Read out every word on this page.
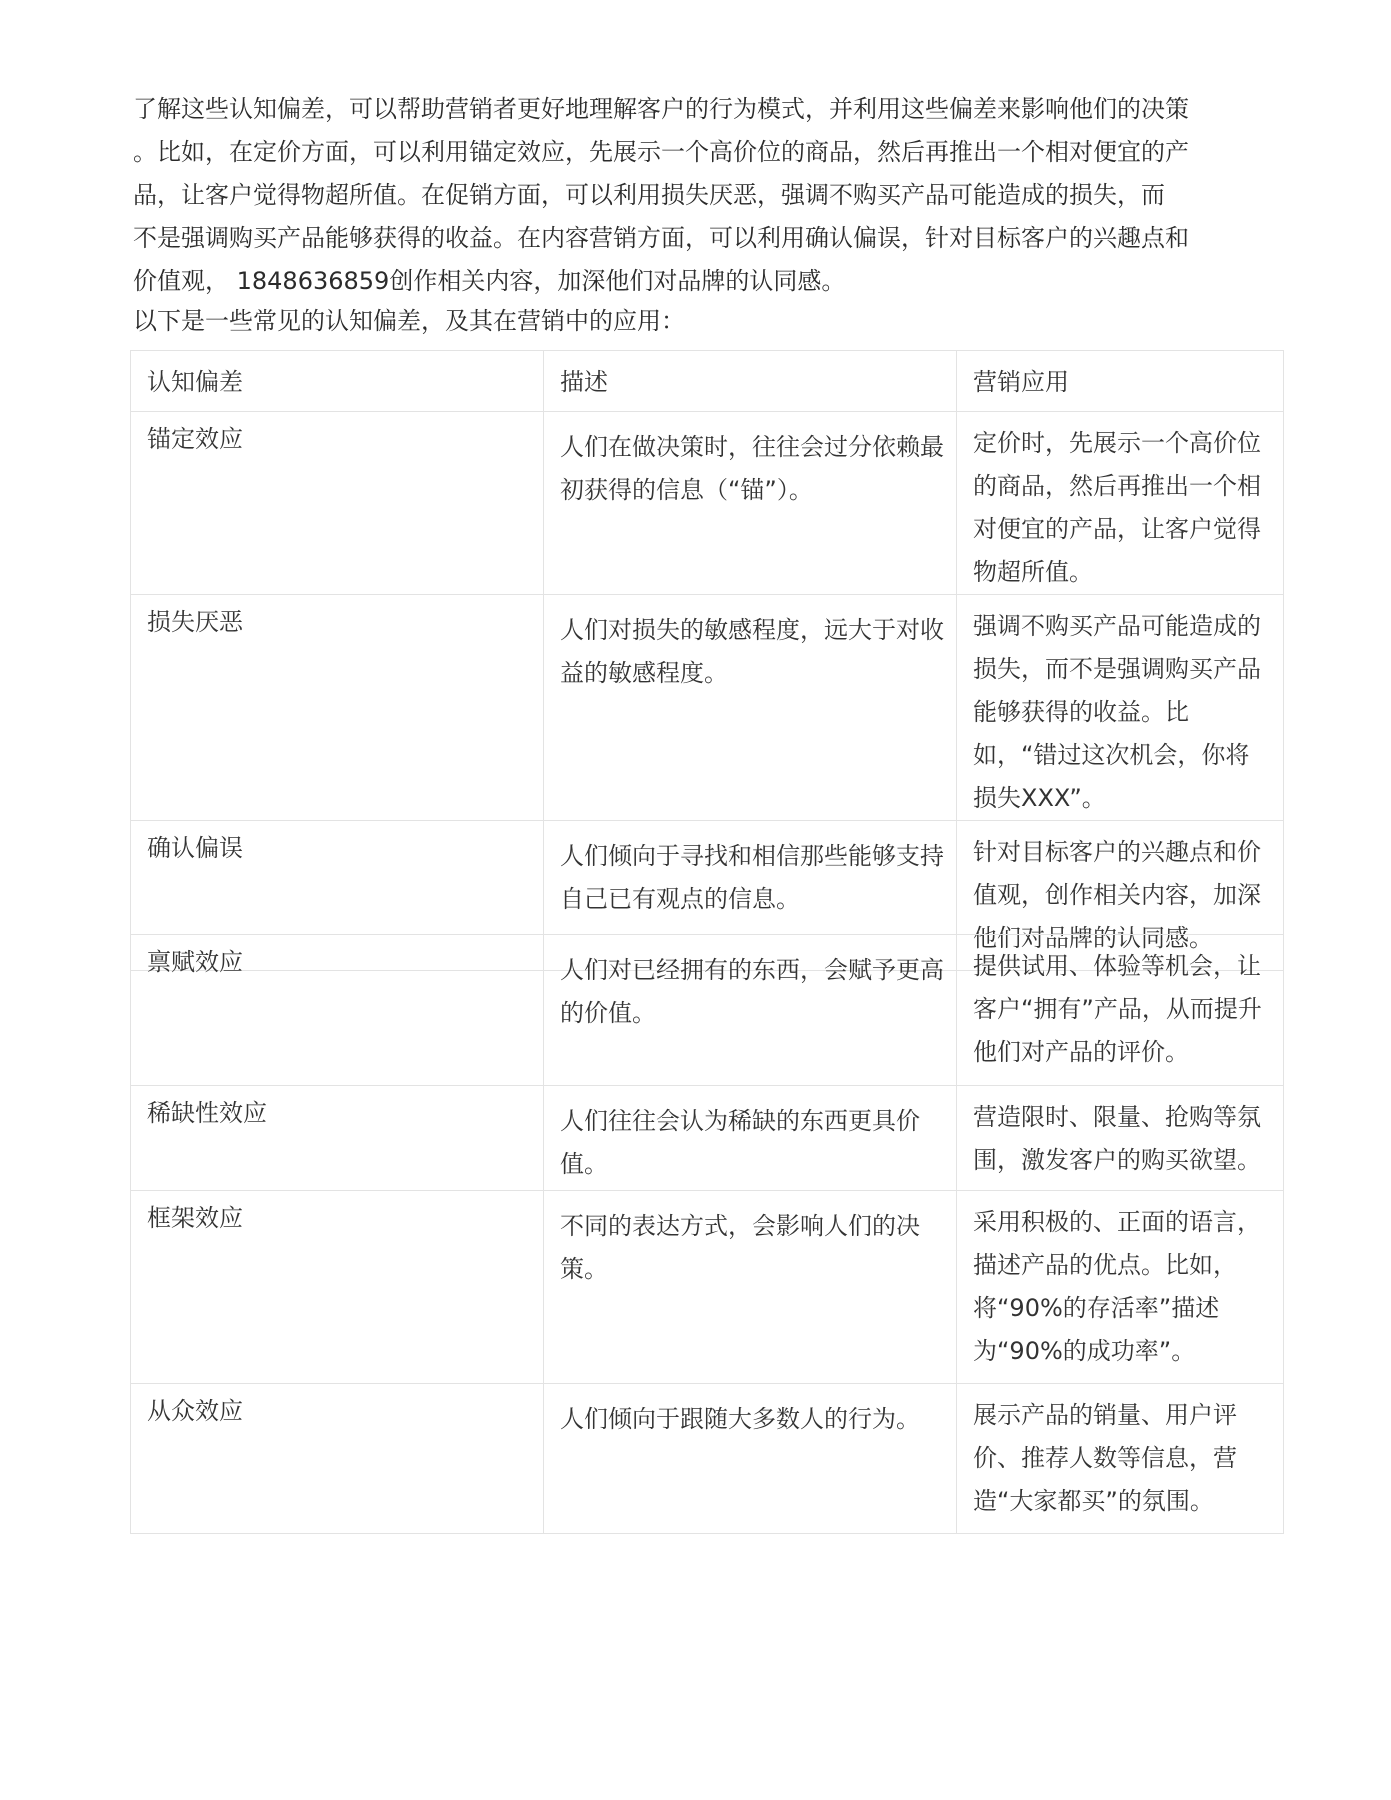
了解这些认知偏差，可以帮助营销者更好地理解客户的行为模式，并利用这些偏差来影响他们的决策

。比如，在定价方面，可以利用锚定效应，先展示一个高价位的商品，然后再推出一个相对便宜的产

品，让客户觉得物超所值。在促销方面，可以利用损失厌恶，强调不购买产品可能造成的损失，而

不是强调购买产品能够获得的收益。在内容营销方面，可以利用确认偏误，针对目标客户的兴趣点和

价值观， 1848636859创作相关内容，加深他们对品牌的认同感。

以下是一些常见的认知偏差，及其在营销中的应用：

认知偏差	描述	营销应用
锚定效应	人们在做决策时，往往会过分依赖最初获得的信息（“锚”）。	定价时，先展示一个高价位的商品，然后再推出一个相对便宜的产品，让客户觉得物超所值。
损失厌恶	人们对损失的敏感程度，远大于对收益的敏感程度。	强调不购买产品可能造成的损失，而不是强调购买产品能够获得的收益。比如，“错过这次机会，你将损失XXX”。
确认偏误	人们倾向于寻找和相信那些能够支持自己已有观点的信息。	针对目标客户的兴趣点和价值观，创作相关内容，加深他们对品牌的认同感。
禀赋效应	人们对已经拥有的东西，会赋予更高的价值。	提供试用、体验等机会，让客户“拥有”产品，从而提升他们对产品的评价。
稀缺性效应	人们往往会认为稀缺的东西更具价值。	营造限时、限量、抢购等氛围，激发客户的购买欲望。
框架效应	不同的表达方式，会影响人们的决策。	采用积极的、正面的语言，描述产品的优点。比如，将“90%的存活率”描述为“90%的成功率”。
从众效应	人们倾向于跟随大多数人的行为。	展示产品的销量、用户评价、推荐人数等信息，营造“大家都买”的氛围。
